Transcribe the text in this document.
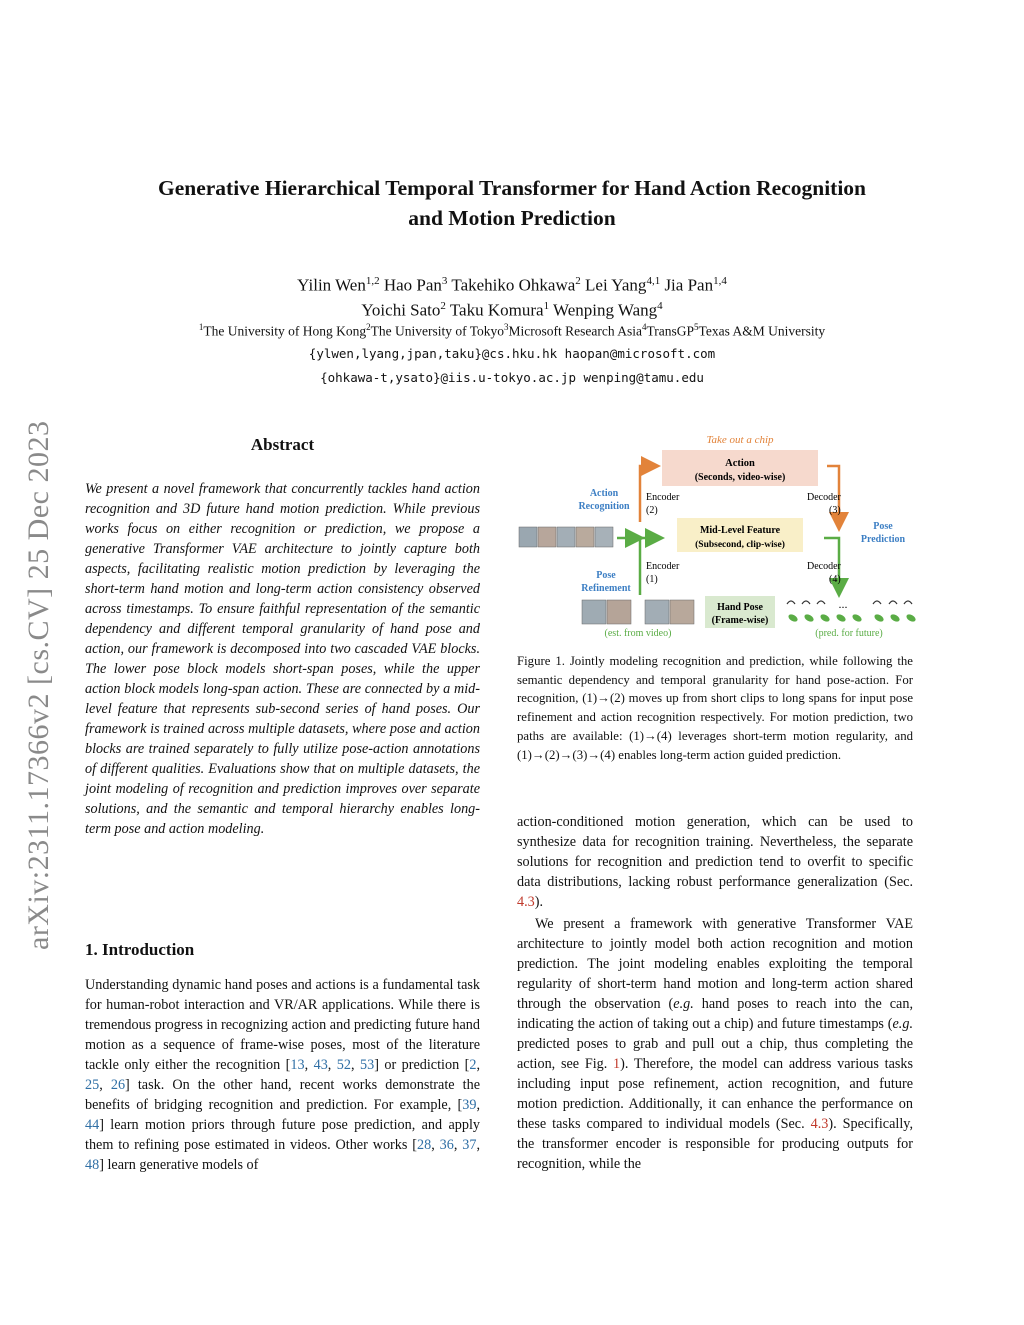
arXiv:2311.17366v2 [cs.CV] 25 Dec 2023
Generative Hierarchical Temporal Transformer for Hand Action Recognition
and Motion Prediction
Yilin Wen$^{1,2}$ Hao Pan$^3$ Takehiko Ohkawa$^2$ Lei Yang$^{4,1}$ Jia Pan$^{1,4}$
Yoichi Sato$^2$ Taku Komura$^1$ Wenping Wang$^4$
$^1$The University of Hong Kong$^2$The University of Tokyo$^3$Microsoft Research Asia$^4$TransGP$^5$Texas A&M University
{ylwen,lyang,jpan,taku}@cs.hku.hk haopan@microsoft.com
{ohkawa-t,ysato}@iis.u-tokyo.ac.jp wenping@tamu.edu
Abstract

We present a novel framework that concurrently tackles hand action recognition and 3D future hand motion prediction. While previous works focus on either recognition or prediction, we propose a generative Transformer VAE architecture to jointly capture both aspects, facilitating realistic motion prediction by leveraging the short-term hand motion and long-term action consistency observed across timestamps. To ensure faithful representation of the semantic dependency and different temporal granularity of hand pose and action, our framework is decomposed into two cascaded VAE blocks. The lower pose block models short-span poses, while the upper action block models long-span action. These are connected by a mid-level feature that represents sub-second series of hand poses. Our framework is trained across multiple datasets, where pose and action blocks are trained separately to fully utilize pose-action annotations of different qualities. Evaluations show that on multiple datasets, the joint modeling of recognition and prediction improves over separate solutions, and the semantic and temporal hierarchy enables long-term pose and action modeling.

1. Introduction

Understanding dynamic hand poses and actions is a fundamental task for human-robot interaction and VR/AR applications. While there is tremendous progress in recognizing action and predicting future hand motion as a sequence of frame-wise poses, most of the literature tackle only either the recognition [13, 43, 52, 53] or prediction [2, 25, 26] task. On the other hand, recent works demonstrate the benefits of bridging recognition and prediction. For example, [39, 44] learn motion priors through future pose prediction, and apply them to refining pose estimated in videos. Other works [28, 36, 37, 48] learn generative models of

Take out a chip
Action
(Seconds, video-wise)
Mid-Level Feature
(Subsecond, clip-wise)
Hand Pose
(Frame-wise)
Action
Recognition
Pose
Prediction
Pose
Refinement
Encoder
(2)
Encoder
(1)
Decoder
(3)
Decoder
(4)
...
(est. from video)	(pred. for future)

Figure 1. Jointly modeling recognition and prediction, while following the semantic dependency and temporal granularity for hand pose-action. For recognition, (1)→(2) moves up from short clips to long spans for input pose refinement and action recognition respectively. For motion prediction, two paths are available: (1)→(4) leverages short-term motion regularity, and (1)→(2)→(3)→(4) enables long-term action guided prediction.

action-conditioned motion generation, which can be used to synthesize data for recognition training. Nevertheless, the separate solutions for recognition and prediction tend to overfit to specific data distributions, lacking robust performance generalization (Sec. 4.3).

We present a framework with generative Transformer VAE architecture to jointly model both action recognition and motion prediction. The joint modeling enables exploiting the temporal regularity of short-term hand motion and long-term action shared through the observation (e.g. hand poses to reach into the can, indicating the action of taking out a chip) and future timestamps (e.g. predicted poses to grab and pull out a chip, thus completing the action, see Fig. 1). Therefore, the model can address various tasks including input pose refinement, action recognition, and future motion prediction. Additionally, it can enhance the performance on these tasks compared to individual models (Sec. 4.3). Specifically, the transformer encoder is responsible for producing outputs for recognition, while the
